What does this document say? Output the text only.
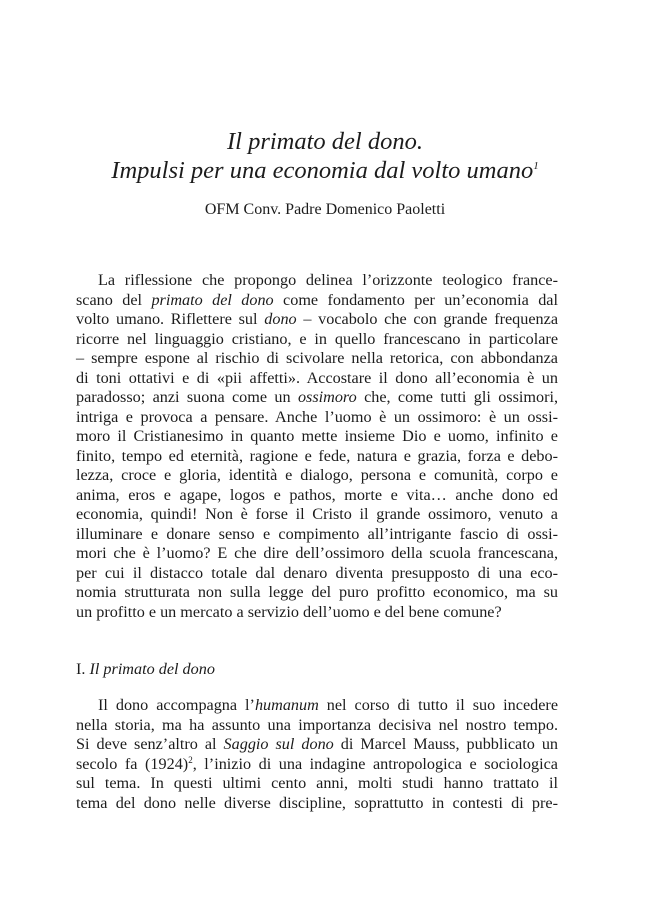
Il primato del dono.
Impulsi per una economia dal volto umano$^1$
OFM Conv. Padre Domenico Paoletti
La riflessione che propongo delinea l’orizzonte teologico france-
scano del primato del dono come fondamento per un’economia dal
volto umano. Riflettere sul dono – vocabolo che con grande frequenza
ricorre nel linguaggio cristiano, e in quello francescano in particolare
– sempre espone al rischio di scivolare nella retorica, con abbondanza
di toni ottativi e di «pii affetti». Accostare il dono all’economia è un
paradosso; anzi suona come un ossimoro che, come tutti gli ossimori,
intriga e provoca a pensare. Anche l’uomo è un ossimoro: è un ossi-
moro il Cristianesimo in quanto mette insieme Dio e uomo, infinito e
finito, tempo ed eternità, ragione e fede, natura e grazia, forza e debo-
lezza, croce e gloria, identità e dialogo, persona e comunità, corpo e
anima, eros e agape, logos e pathos, morte e vita… anche dono ed
economia, quindi! Non è forse il Cristo il grande ossimoro, venuto a
illuminare e donare senso e compimento all’intrigante fascio di ossi-
mori che è l’uomo? E che dire dell’ossimoro della scuola francescana,
per cui il distacco totale dal denaro diventa presupposto di una eco-
nomia strutturata non sulla legge del puro profitto economico, ma su
un profitto e un mercato a servizio dell’uomo e del bene comune?
I. Il primato del dono
Il dono accompagna l’humanum nel corso di tutto il suo incedere
nella storia, ma ha assunto una importanza decisiva nel nostro tempo.
Si deve senz’altro al Saggio sul dono di Marcel Mauss, pubblicato un
secolo fa $(1924)^2$, l’inizio di una indagine antropologica e sociologica
sul tema. In questi ultimi cento anni, molti studi hanno trattato il
tema del dono nelle diverse discipline, soprattutto in contesti di pre-
